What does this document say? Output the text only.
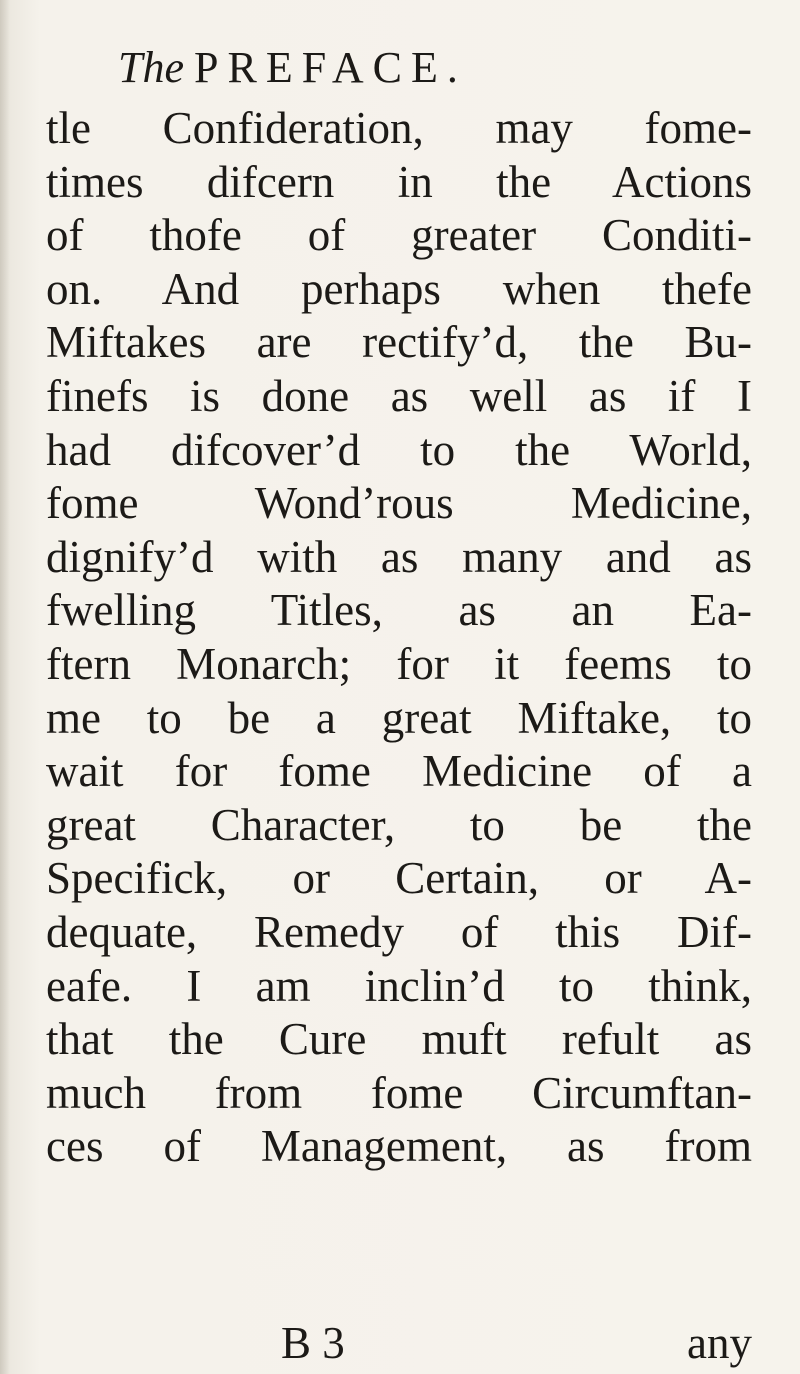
The PREFACE.
tle Confideration, may fome-
times difcern in the Actions
of thofe of greater Conditi-
on. And perhaps when thefe
Miftakes are rectify’d, the Bu-
finefs is done as well as if I
had difcover’d to the World,
fome Wond’rous Medicine,
dignify’d with as many and as
fwelling Titles, as an Ea-
ftern Monarch; for it feems to
me to be a great Miftake, to
wait for fome Medicine of a
great Character, to be the
Specifick, or Certain, or A-
dequate, Remedy of this Dif-
eafe. I am inclin’d to think,
that the Cure muft refult as
much from fome Circumftan-
ces of Management, as from
B 3	any
